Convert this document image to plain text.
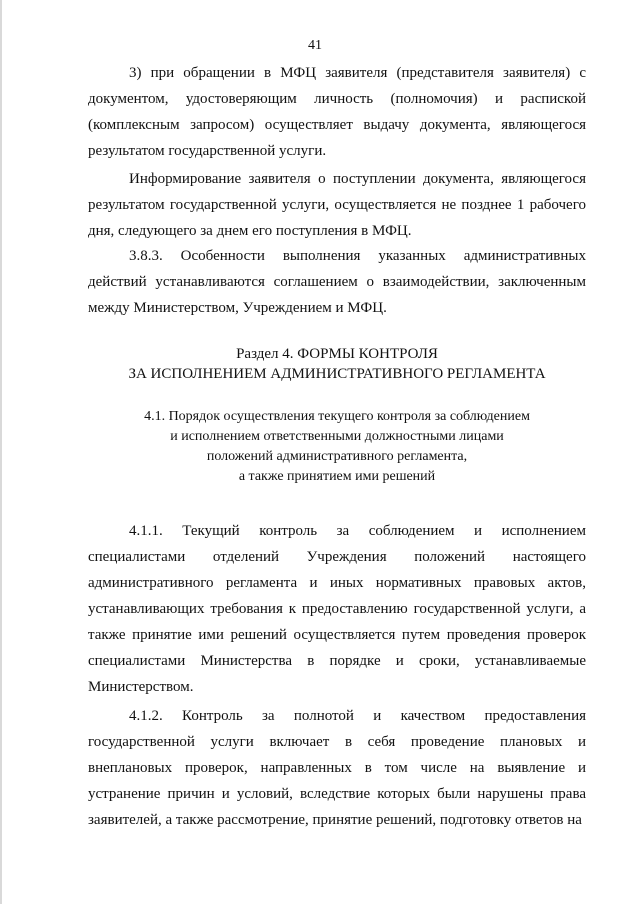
41

3) при обращении в МФЦ заявителя (представителя заявителя) с документом, удостоверяющим личность (полномочия) и распиской (комплексным запросом) осуществляет выдачу документа, являющегося результатом государственной услуги.

Информирование заявителя о поступлении документа, являющегося результатом государственной услуги, осуществляется не позднее 1 рабочего дня, следующего за днем его поступления в МФЦ.

3.8.3. Особенности выполнения указанных административных действий устанавливаются соглашением о взаимодействии, заключенным между Министерством, Учреждением и МФЦ.

Раздел 4. ФОРМЫ КОНТРОЛЯ
ЗА ИСПОЛНЕНИЕМ АДМИНИСТРАТИВНОГО РЕГЛАМЕНТА
4.1. Порядок осуществления текущего контроля за соблюдением
и исполнением ответственными должностными лицами
положений административного регламента,
а также принятием ими решений

4.1.1. Текущий контроль за соблюдением и исполнением специалистами отделений Учреждения положений настоящего административного регламента и иных нормативных правовых актов, устанавливающих требования к предоставлению государственной услуги, а также принятие ими решений осуществляется путем проведения проверок специалистами Министерства в порядке и сроки, устанавливаемые Министерством.

4.1.2. Контроль за полнотой и качеством предоставления государственной услуги включает в себя проведение плановых и внеплановых проверок, направленных в том числе на выявление и устранение причин и условий, вследствие которых были нарушены права заявителей, а также рассмотрение, принятие решений, подготовку ответов на
